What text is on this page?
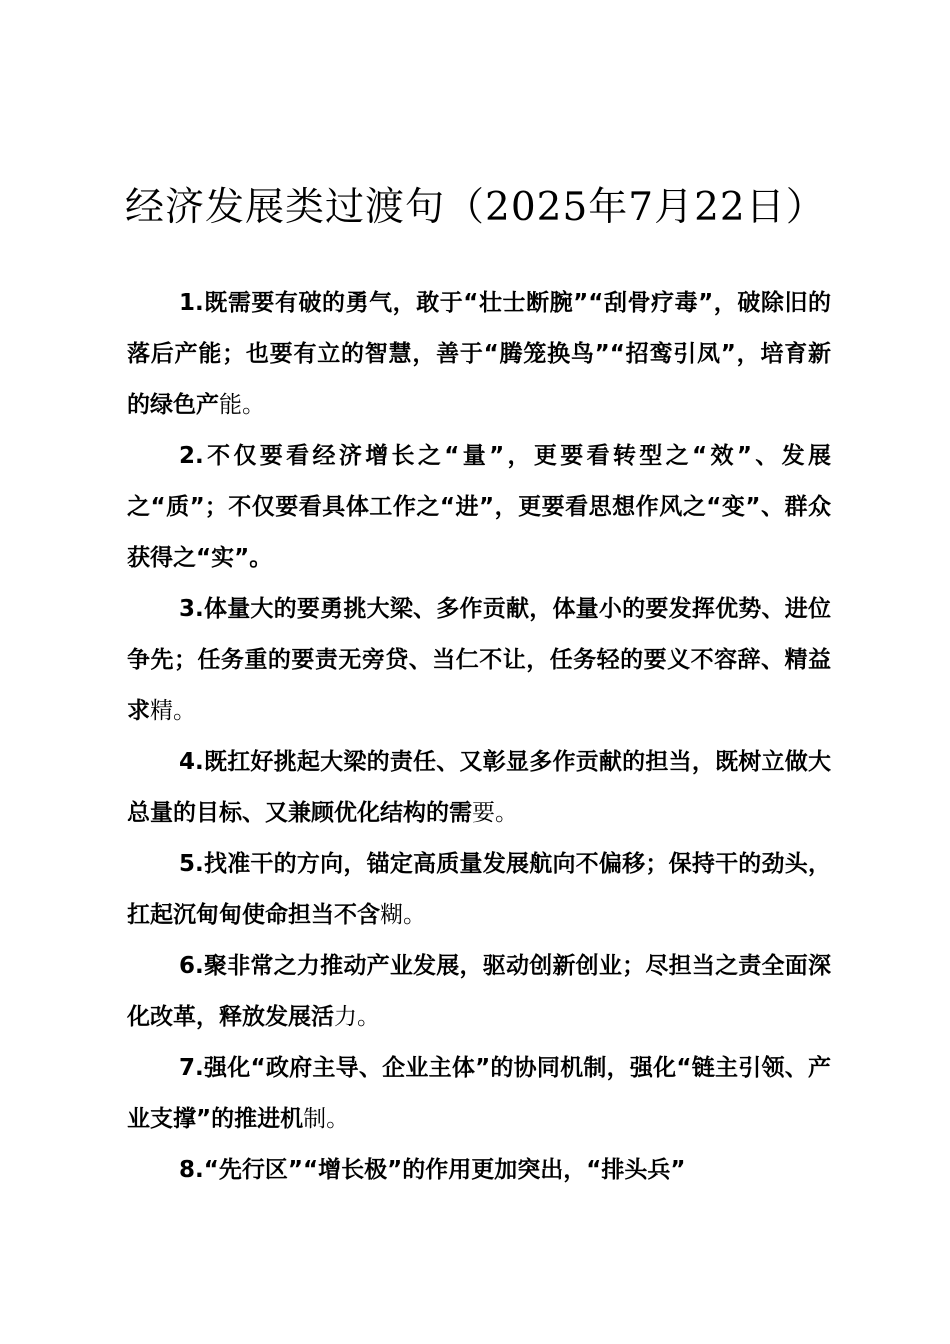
经济发展类过渡句（2025年7月22日）

1.既需要有破的勇气，敢于“壮士断腕”“刮骨疗毒”，破除旧的落后产能；也要有立的智慧，善于“腾笼换鸟”“招鸾引凤”，培育新的绿色产能。

2.不仅要看经济增长之“量”，更要看转型之“效”、发展之“质”；不仅要看具体工作之“进”，更要看思想作风之“变”、群众获得之“实”。

3.体量大的要勇挑大梁、多作贡献，体量小的要发挥优势、进位争先；任务重的要责无旁贷、当仁不让，任务轻的要义不容辞、精益求精。

4.既扛好挑起大梁的责任、又彰显多作贡献的担当，既树立做大总量的目标、又兼顾优化结构的需要。

5.找准干的方向，锚定高质量发展航向不偏移；保持干的劲头，扛起沉甸甸使命担当不含糊。

6.聚非常之力推动产业发展，驱动创新创业；尽担当之责全面深化改革，释放发展活力。

7.强化“政府主导、企业主体”的协同机制，强化“链主引领、产业支撑”的推进机制。

8.“先行区”“增长极”的作用更加突出，“排头兵”
